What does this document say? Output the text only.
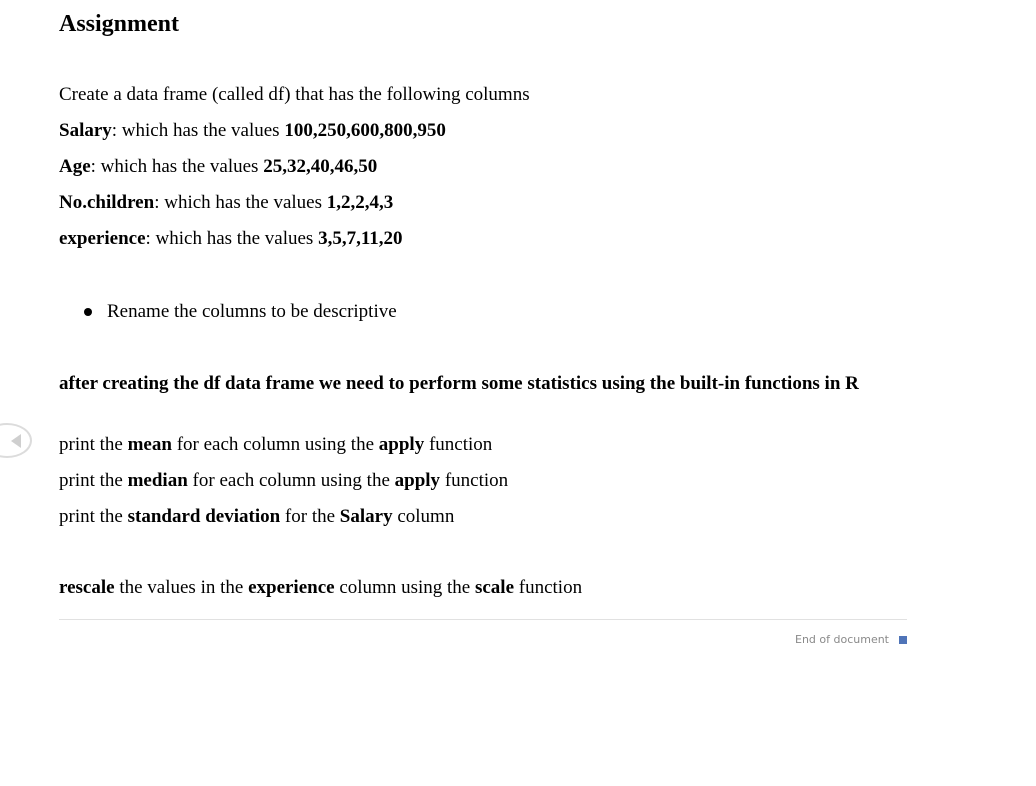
Assignment

Create a data frame (called df) that has the following columns

Salary: which has the values 100,250,600,800,950

Age: which has the values 25,32,40,46,50

No.children: which has the values 1,2,2,4,3

experience: which has the values 3,5,7,11,20

Rename the columns to be descriptive

after creating the df data frame we need to perform some statistics using the built-in functions in R

print the mean for each column using the apply function

print the median for each column using the apply function

print the standard deviation for the Salary column

rescale the values in the experience column using the scale function

End of document
